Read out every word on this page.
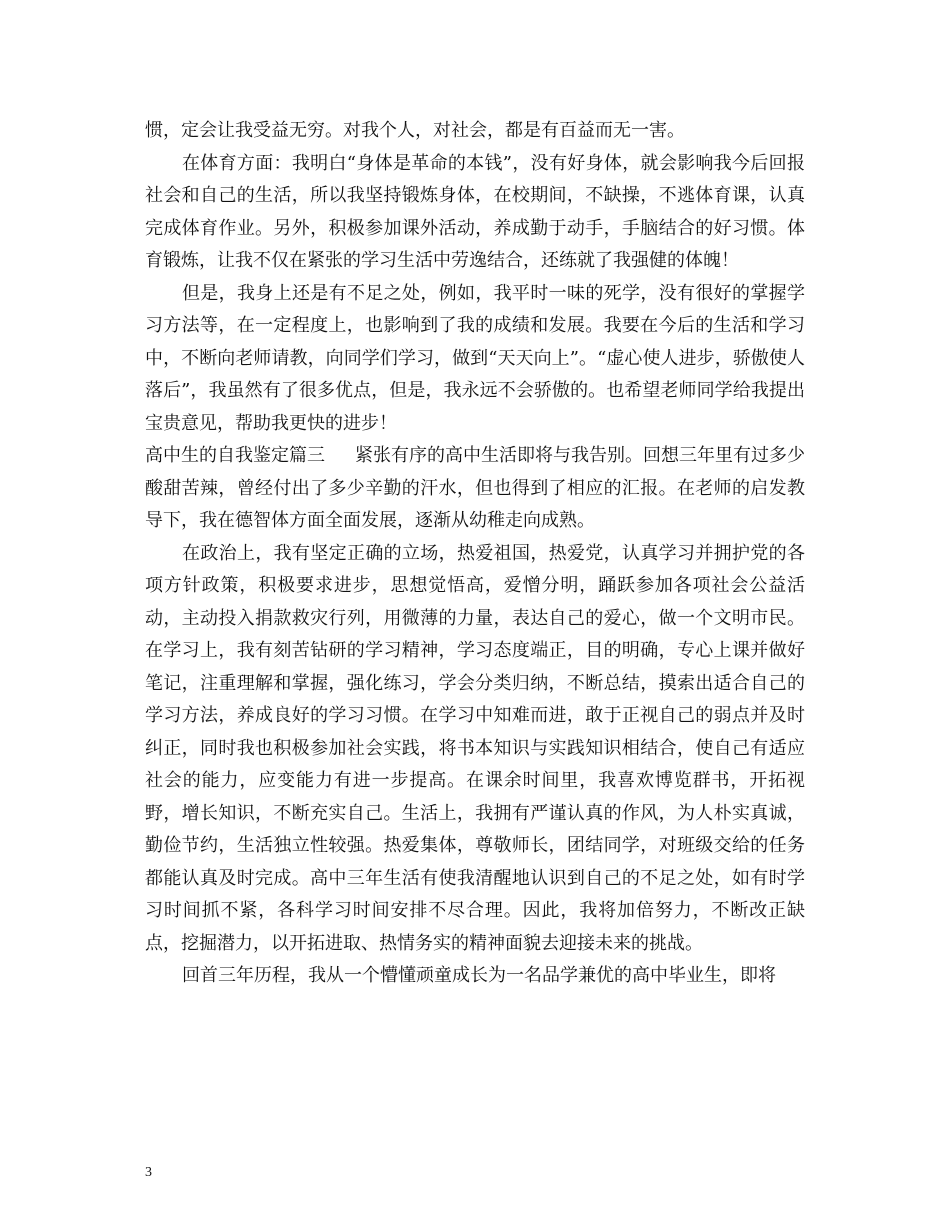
惯，定会让我受益无穷。对我个人，对社会，都是有百益而无一害。

在体育方面：我明白“身体是革命的本钱”，没有好身体，就会影响我今后回报社会和自己的生活，所以我坚持锻炼身体，在校期间，不缺操，不逃体育课，认真完成体育作业。另外，积极参加课外活动，养成勤于动手，手脑结合的好习惯。体育锻炼，让我不仅在紧张的学习生活中劳逸结合，还练就了我强健的体魄！

但是，我身上还是有不足之处，例如，我平时一味的死学，没有很好的掌握学习方法等，在一定程度上，也影响到了我的成绩和发展。我要在今后的生活和学习中，不断向老师请教，向同学们学习，做到“天天向上”。“虚心使人进步，骄傲使人落后”，我虽然有了很多优点，但是，我永远不会骄傲的。也希望老师同学给我提出宝贵意见，帮助我更快的进步！

高中生的自我鉴定篇三 紧张有序的高中生活即将与我告别。回想三年里有过多少酸甜苦辣，曾经付出了多少辛勤的汗水，但也得到了相应的汇报。在老师的启发教导下，我在德智体方面全面发展，逐渐从幼稚走向成熟。

在政治上，我有坚定正确的立场，热爱祖国，热爱党，认真学习并拥护党的各项方针政策，积极要求进步，思想觉悟高，爱憎分明，踊跃参加各项社会公益活动，主动投入捐款救灾行列，用微薄的力量，表达自己的爱心，做一个文明市民。在学习上，我有刻苦钻研的学习精神，学习态度端正，目的明确，专心上课并做好笔记，注重理解和掌握，强化练习，学会分类归纳，不断总结，摸索出适合自己的学习方法，养成良好的学习习惯。在学习中知难而进，敢于正视自己的弱点并及时纠正，同时我也积极参加社会实践，将书本知识与实践知识相结合，使自己有适应社会的能力，应变能力有进一步提高。在课余时间里，我喜欢博览群书，开拓视野，增长知识，不断充实自己。生活上，我拥有严谨认真的作风，为人朴实真诚，勤俭节约，生活独立性较强。热爱集体，尊敬师长，团结同学，对班级交给的任务都能认真及时完成。高中三年生活有使我清醒地认识到自己的不足之处，如有时学习时间抓不紧，各科学习时间安排不尽合理。因此，我将加倍努力，不断改正缺点，挖掘潜力，以开拓进取、热情务实的精神面貌去迎接未来的挑战。

回首三年历程，我从一个懵懂顽童成长为一名品学兼优的高中毕业生，即将

3
